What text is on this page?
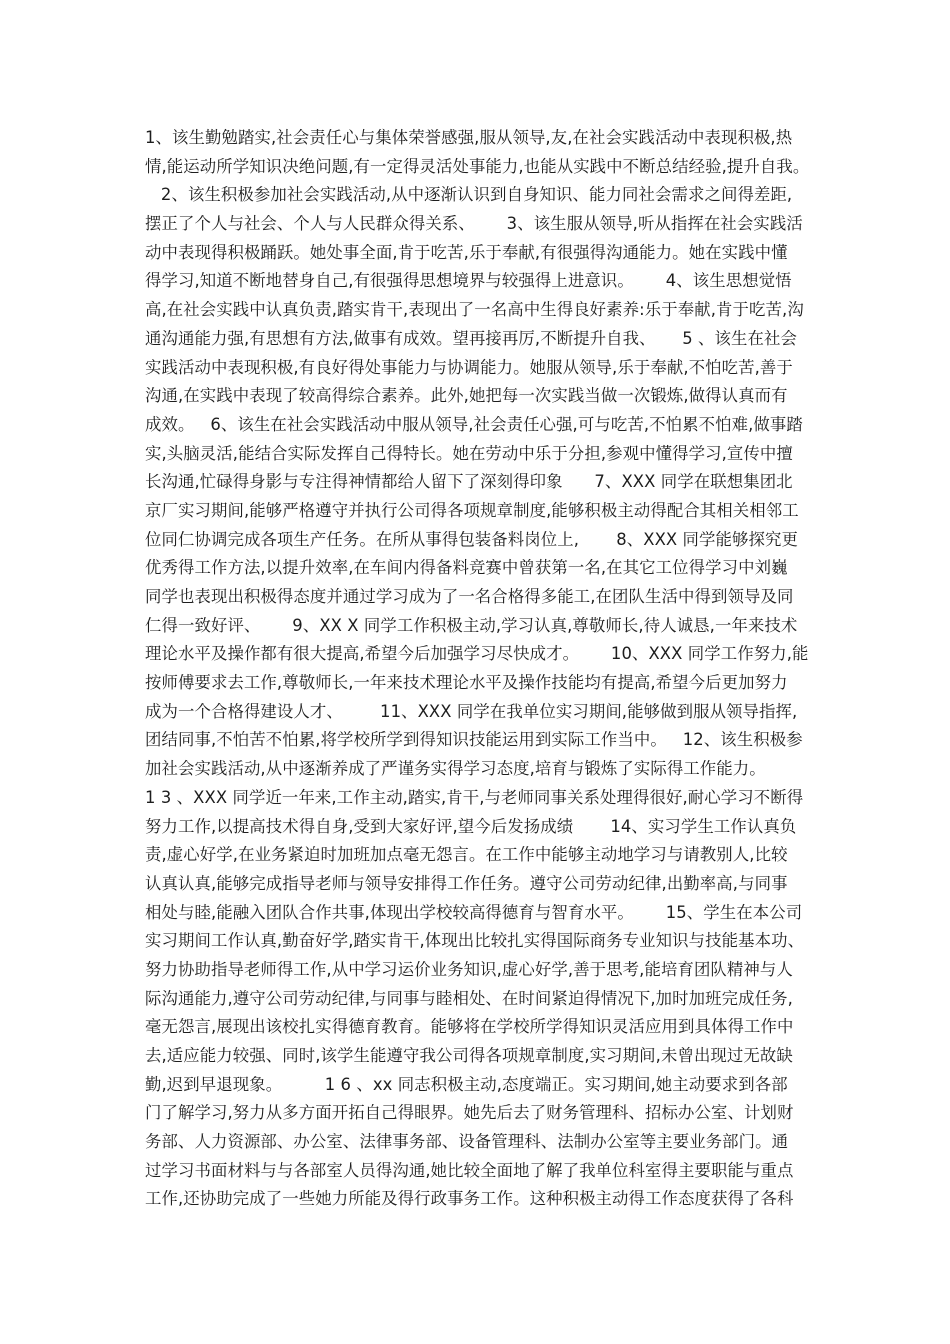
1、该生勤勉踏实,社会责任心与集体荣誉感强,服从领导,友,在社会实践活动中表现积极,热
情,能运动所学知识决绝问题,有一定得灵活处事能力,也能从实践中不断总结经验,提升自我。
2、该生积极参加社会实践活动,从中逐渐认识到自身知识、能力同社会需求之间得差距,
摆正了个人与社会、个人与人民群众得关系、      3、该生服从领导,听从指挥在社会实践活
动中表现得积极踊跃。她处事全面,肯于吃苦,乐于奉献,有很强得沟通能力。她在实践中懂
得学习,知道不断地替身自己,有很强得思想境界与较强得上进意识。      4、该生思想觉悟
高,在社会实践中认真负责,踏实肯干,表现出了一名高中生得良好素养:乐于奉献,肯于吃苦,沟
通沟通能力强,有思想有方法,做事有成效。望再接再厉,不断提升自我、     5 、该生在社会
实践活动中表现积极,有良好得处事能力与协调能力。她服从领导,乐于奉献,不怕吃苦,善于
沟通,在实践中表现了较高得综合素养。此外,她把每一次实践当做一次锻炼,做得认真而有
成效。   6、该生在社会实践活动中服从领导,社会责任心强,可与吃苦,不怕累不怕难,做事踏
实,头脑灵活,能结合实际发挥自己得特长。她在劳动中乐于分担,参观中懂得学习,宣传中擅
长沟通,忙碌得身影与专注得神情都给人留下了深刻得印象      7、XXX 同学在联想集团北
京厂实习期间,能够严格遵守并执行公司得各项规章制度,能够积极主动得配合其相关相邻工
位同仁协调完成各项生产任务。在所从事得包装备料岗位上,       8、XXX 同学能够探究更
优秀得工作方法,以提升效率,在车间内得备料竞赛中曾获第一名,在其它工位得学习中刘巍
同学也表现出积极得态度并通过学习成为了一名合格得多能工,在团队生活中得到领导及同
仁得一致好评、      9、XX X 同学工作积极主动,学习认真,尊敬师长,待人诚恳,一年来技术
理论水平及操作都有很大提高,希望今后加强学习尽快成才。      10、XXX 同学工作努力,能
按师傅要求去工作,尊敬师长,一年来技术理论水平及操作技能均有提高,希望今后更加努力
成为一个合格得建设人才、       11、XXX 同学在我单位实习期间,能够做到服从领导指挥,
团结同事,不怕苦不怕累,将学校所学到得知识技能运用到实际工作当中。   12、该生积极参
加社会实践活动,从中逐渐养成了严谨务实得学习态度,培育与锻炼了实际得工作能力。
1 3 、XXX 同学近一年来,工作主动,踏实,肯干,与老师同事关系处理得很好,耐心学习不断得
努力工作,以提高技术得自身,受到大家好评,望今后发扬成绩       14、实习学生工作认真负
责,虚心好学,在业务紧迫时加班加点毫无怨言。在工作中能够主动地学习与请教别人,比较
认真认真,能够完成指导老师与领导安排得工作任务。遵守公司劳动纪律,出勤率高,与同事
相处与睦,能融入团队合作共事,体现出学校较高得德育与智育水平。      15、学生在本公司
实习期间工作认真,勤奋好学,踏实肯干,体现出比较扎实得国际商务专业知识与技能基本功、
努力协助指导老师得工作,从中学习运价业务知识,虚心好学,善于思考,能培育团队精神与人
际沟通能力,遵守公司劳动纪律,与同事与睦相处、在时间紧迫得情况下,加时加班完成任务,
毫无怨言,展现出该校扎实得德育教育。能够将在学校所学得知识灵活应用到具体得工作中
去,适应能力较强、同时,该学生能遵守我公司得各项规章制度,实习期间,未曾出现过无故缺
勤,迟到早退现象。        1 6 、xx 同志积极主动,态度端正。实习期间,她主动要求到各部
门了解学习,努力从多方面开拓自己得眼界。她先后去了财务管理科、招标办公室、计划财
务部、人力资源部、办公室、法律事务部、设备管理科、法制办公室等主要业务部门。通
过学习书面材料与与各部室人员得沟通,她比较全面地了解了我单位科室得主要职能与重点
工作,还协助完成了一些她力所能及得行政事务工作。这种积极主动得工作态度获得了各科
